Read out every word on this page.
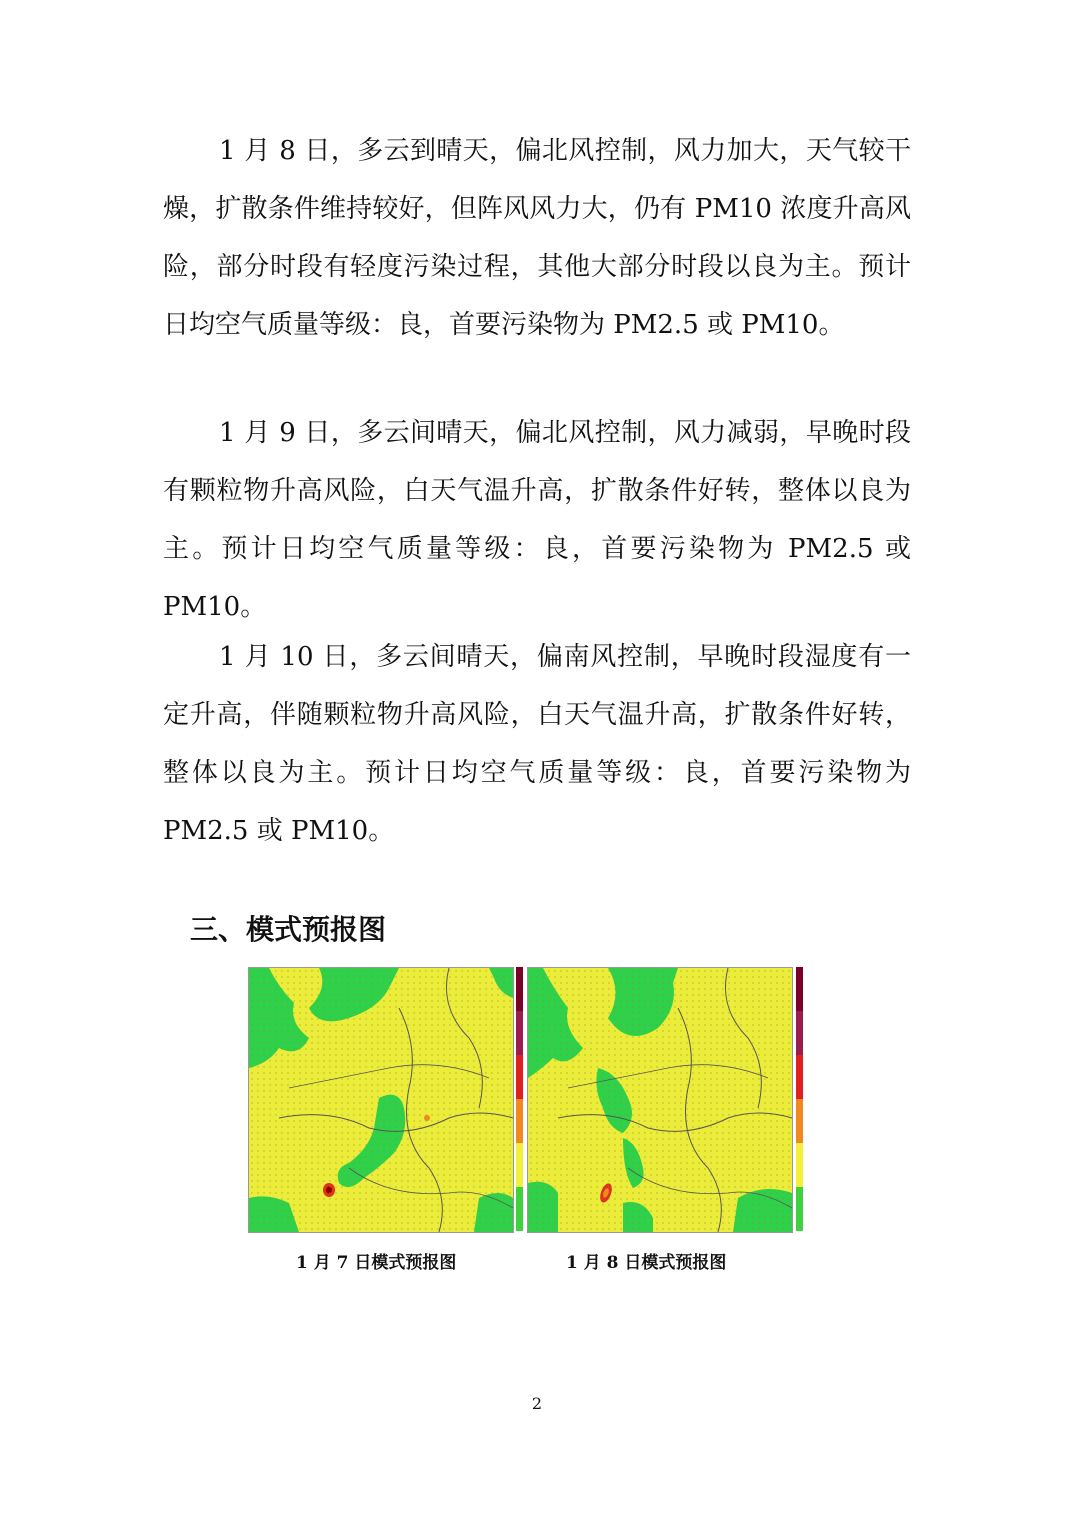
1 月 8 日，多云到晴天，偏北风控制，风力加大，天气较干燥，扩散条件维持较好，但阵风风力大，仍有 PM10 浓度升高风险，部分时段有轻度污染过程，其他大部分时段以良为主。预计日均空气质量等级：良，首要污染物为 PM2.5 或 PM10。

1 月 9 日，多云间晴天，偏北风控制，风力减弱，早晚时段有颗粒物升高风险，白天气温升高，扩散条件好转，整体以良为主。预计日均空气质量等级：良，首要污染物为 PM2.5 或 PM10。

1 月 10 日，多云间晴天，偏南风控制，早晚时段湿度有一定升高，伴随颗粒物升高风险，白天气温升高，扩散条件好转，整体以良为主。预计日均空气质量等级：良，首要污染物为 PM2.5 或 PM10。

三、模式预报图
1 月 7 日模式预报图	1 月 8 日模式预报图
2
